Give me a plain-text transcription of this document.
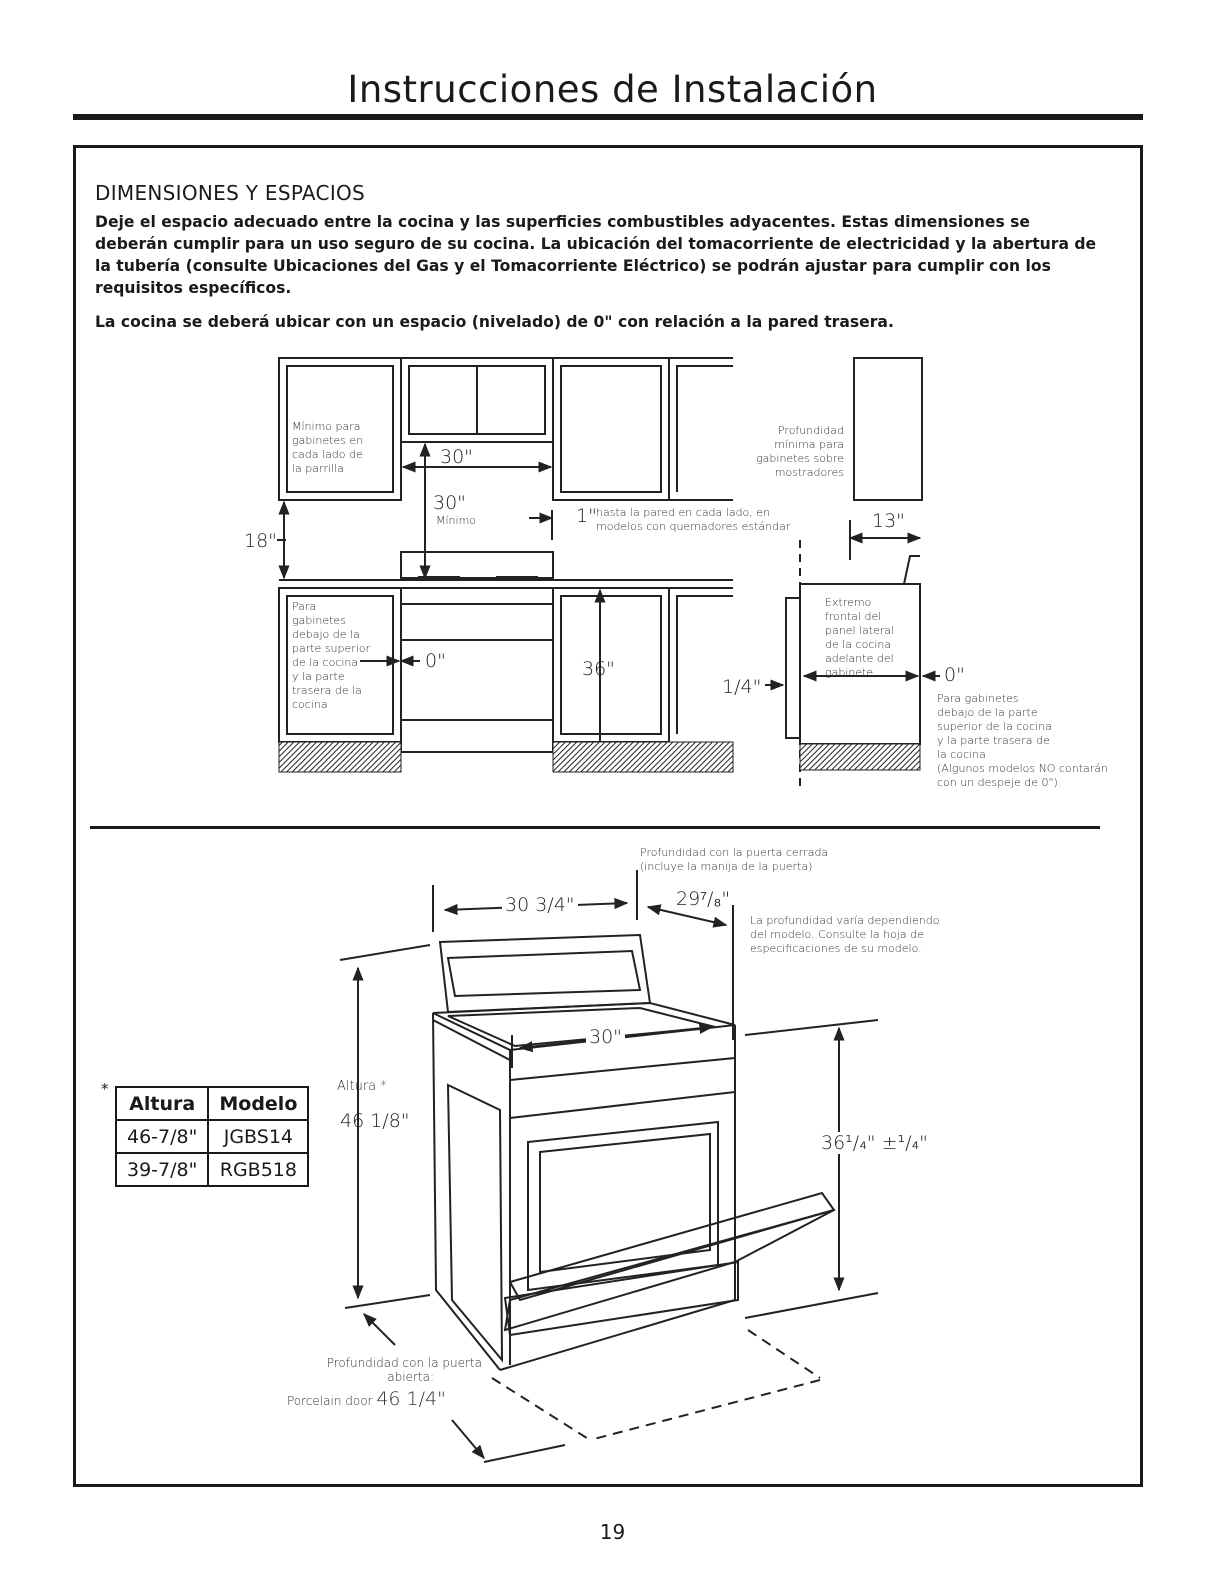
Instrucciones de Instalación
DIMENSIONES Y ESPACIOS
Deje el espacio adecuado entre la cocina y las superficies combustibles adyacentes. Estas dimensiones se deberán cumplir para un uso seguro de su cocina. La ubicación del tomacorriente de electricidad y la abertura de la tubería (consulte Ubicaciones del Gas y el Tomacorriente Eléctrico) se podrán ajustar para cumplir con los requisitos específicos.
La cocina se deberá ubicar con un espacio (nivelado) de 0" con relación a la pared trasera.
Mínimo para
gabinetes en
cada lado de
la parrilla
30"
30"
Mínimo
18"
1" hasta la pared en cada lado, en
modelos con quemadores estándar
Para
gabinetes
debajo de la
parte superior
de la cocina
y la parte
trasera de la
cocina
0"	36"
Profundidad
mínima para
gabinetes sobre
mostradores
13"
Extremo
frontal del
panel lateral
de la cocina
adelante del
gabinete
1/4"
0"
Para gabinetes
debajo de la parte
superior de la cocina
y la parte trasera de
la cocina
(Algunos modelos NO contarán
con un despeje de 0").
Profundidad con la puerta cerrada
(incluye la manija de la puerta)
30 3/4"	29⁷/₈"
La profundidad varía dependiendo
del modelo. Consulte la hoja de
especificaciones de su modelo.
30"
Altura *
46 1/8"
36¹/₄" ±¹/₄"
Profundidad con la puerta
abierta:
Porcelain door 46 1/4"
*
Altura	Modelo
46-7/8"	JGBS14
39-7/8"	RGB518
19
